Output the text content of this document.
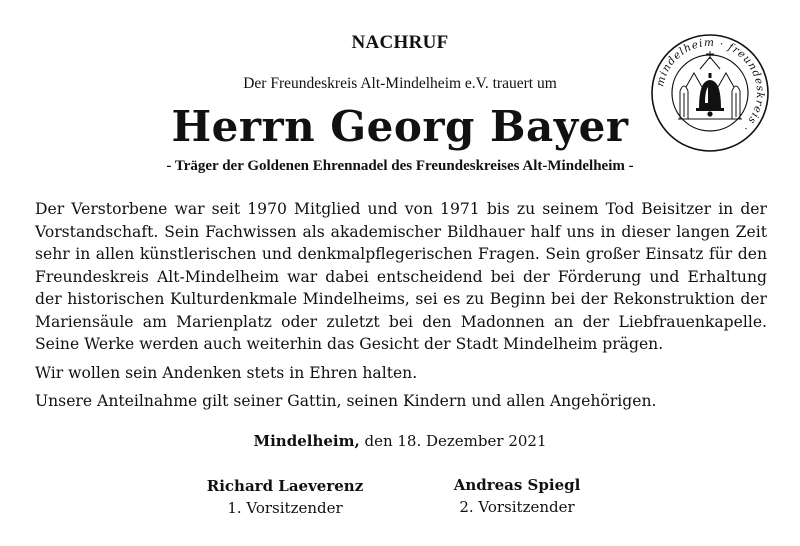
NACHRUF
Der Freundeskreis Alt-Mindelheim e.V. trauert um
Herrn Georg Bayer
- Träger der Goldenen Ehrennadel des Freundeskreises Alt-Mindelheim -

Der Verstorbene war seit 1970 Mitglied und von 1971 bis zu seinem Tod Beisitzer in der Vorstandschaft. Sein Fachwissen als akademischer Bildhauer half uns in dieser langen Zeit sehr in allen künstlerischen und denkmalpflegerischen Fragen. Sein großer Einsatz für den Freundeskreis Alt-Mindelheim war dabei entscheidend bei der Förderung und Erhaltung der historischen Kulturdenkmale Mindelheims, sei es zu Beginn bei der Rekonstruktion der Mariensäule am Marienplatz oder zuletzt bei den Madonnen an der Liebfrauenkapelle. Seine Werke werden auch weiterhin das Gesicht der Stadt Mindelheim prägen.

Wir wollen sein Andenken stets in Ehren halten.

Unsere Anteilnahme gilt seiner Gattin, seinen Kindern und allen Angehörigen.

Mindelheim, den 18. Dezember 2021
Richard Laeverenz
1. Vorsitzender
Andreas Spiegl
2. Vorsitzender
mindelheim · freundeskreis ·
